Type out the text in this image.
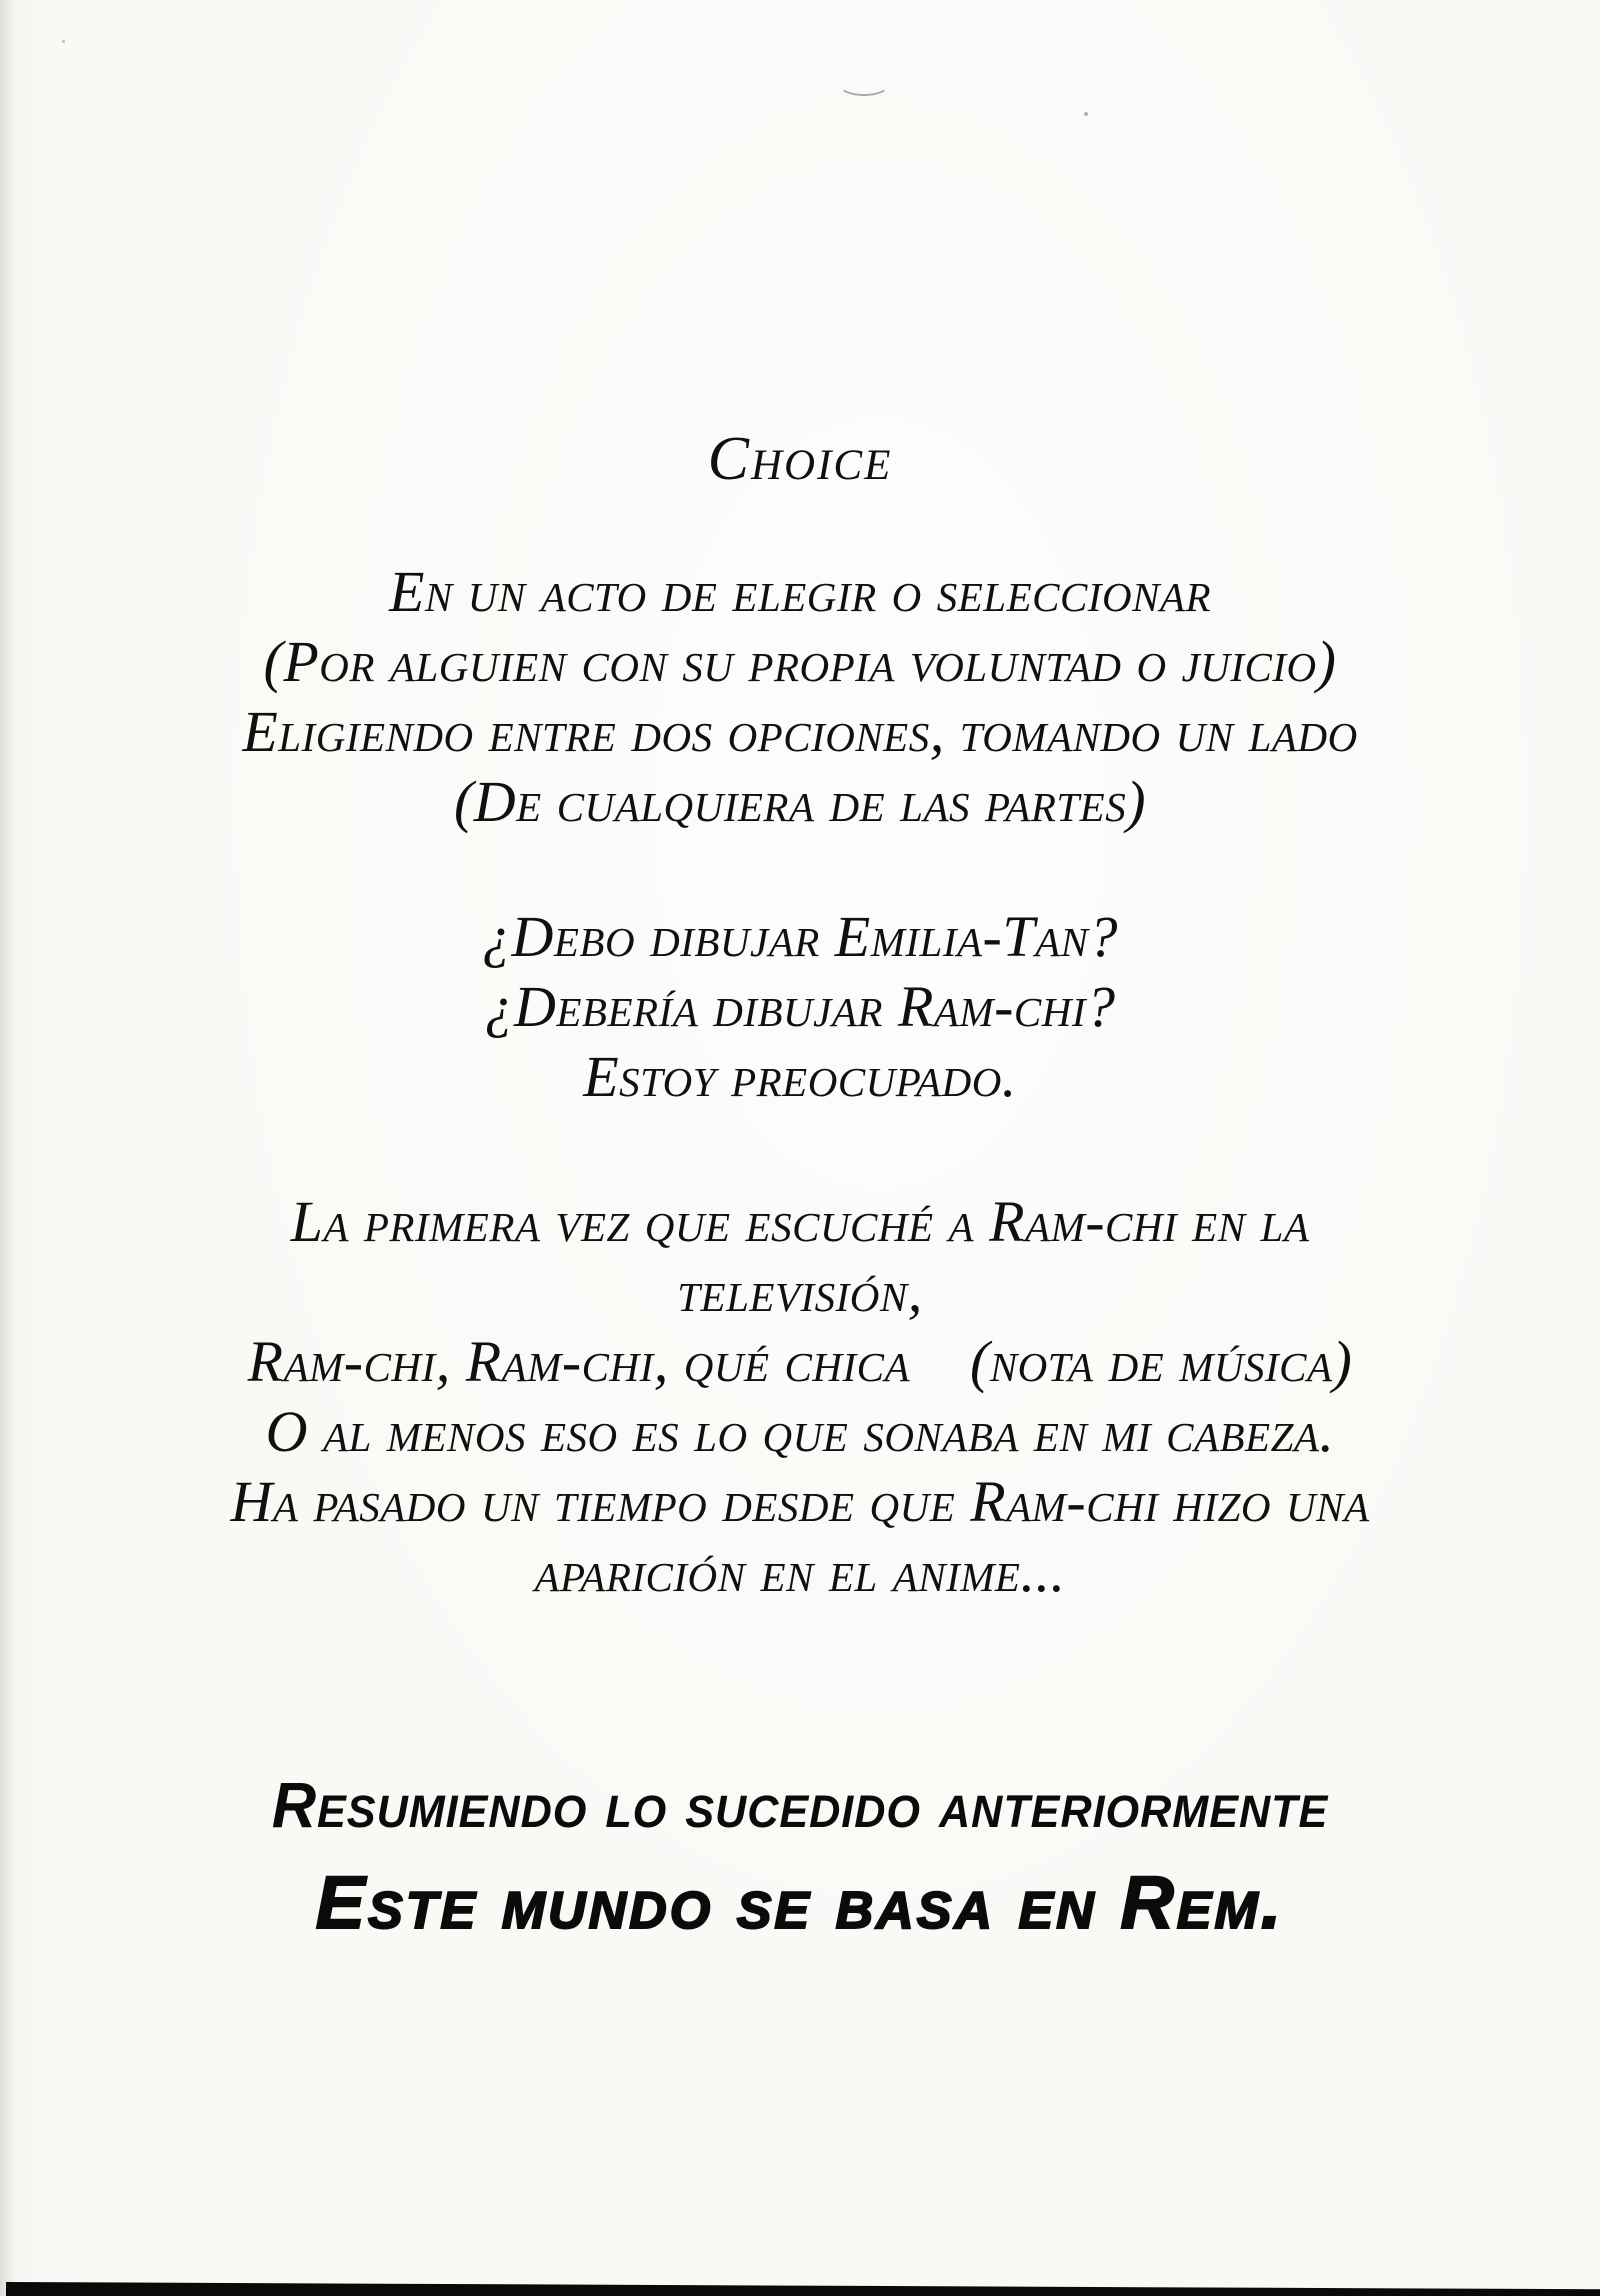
Choice
En un acto de elegir o seleccionar
(Por alguien con su propia voluntad o juicio)
Eligiendo entre dos opciones, tomando un lado
(De cualquiera de las partes)
¿Debo dibujar Emilia-Tan?
¿Debería dibujar Ram-chi?
Estoy preocupado.
La primera vez que escuché a Ram-chi en la
televisión,
Ram-chi, Ram-chi, qué chica    (nota de música)
O al menos eso es lo que sonaba en mi cabeza.
Ha pasado un tiempo desde que Ram-chi hizo una
aparición en el anime...
Resumiendo lo sucedido anteriormente
Este mundo se basa en Rem.
